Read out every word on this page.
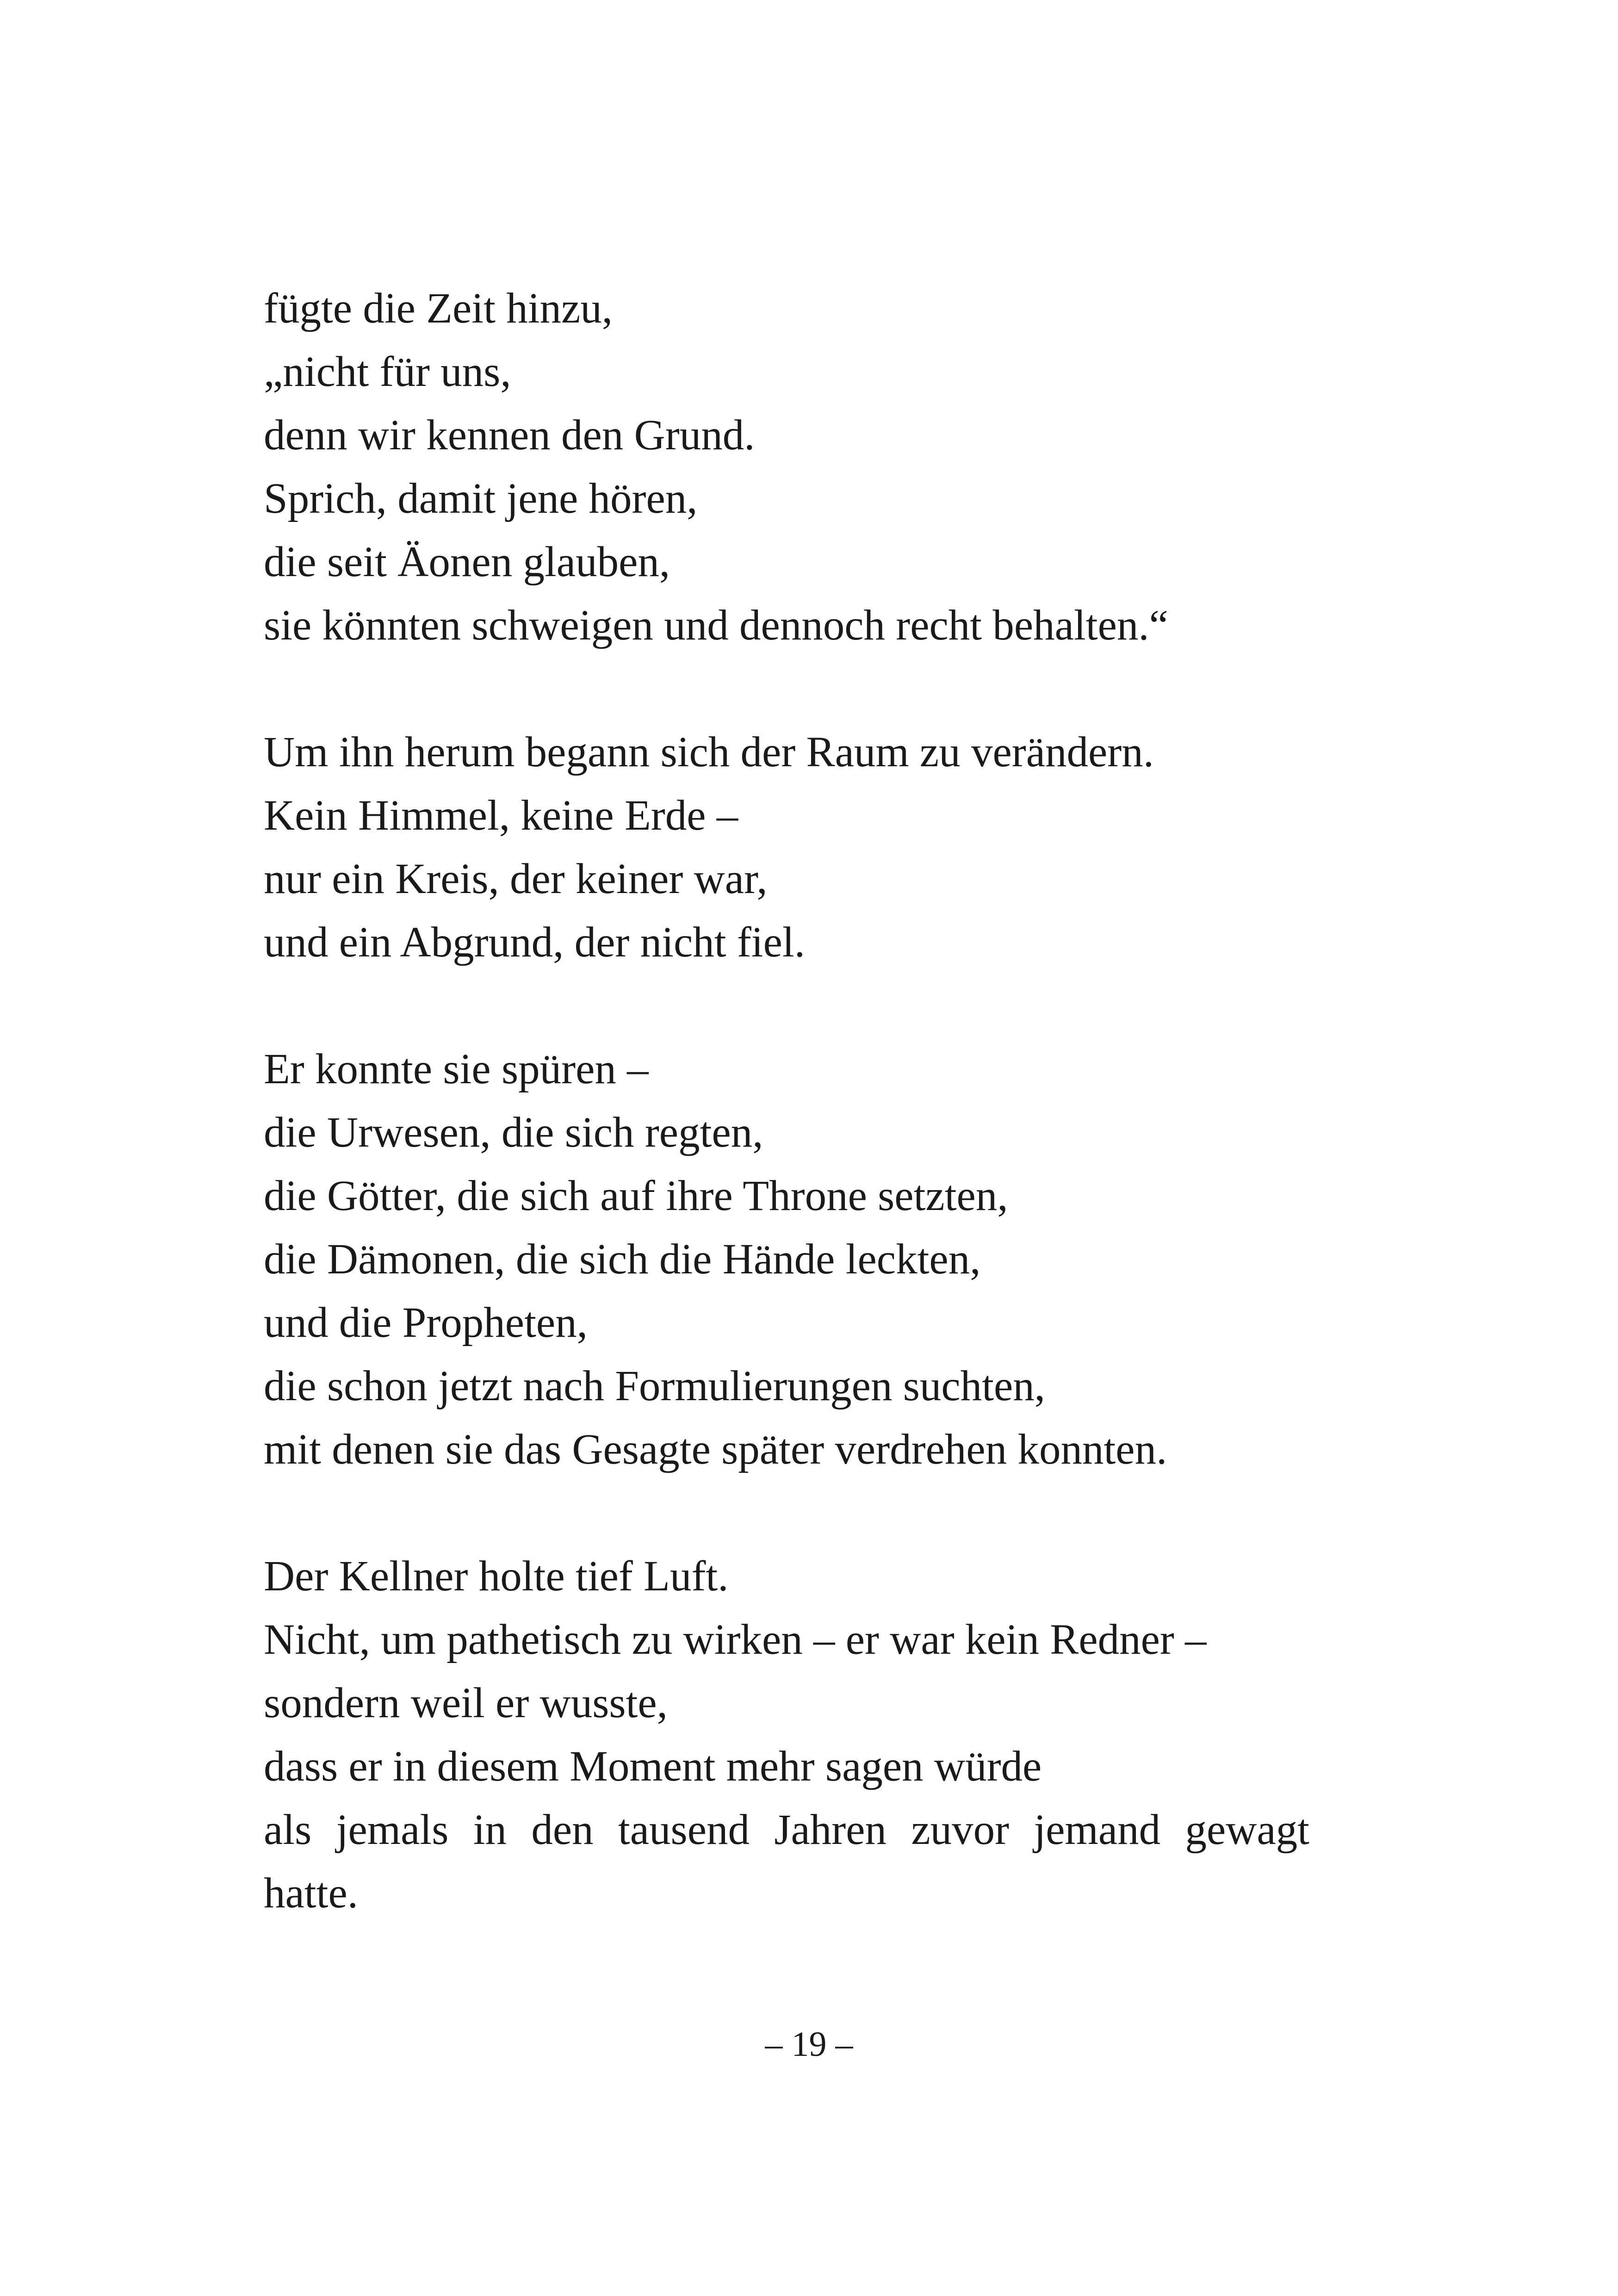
fügte die Zeit hinzu,
„nicht für uns,
denn wir kennen den Grund.
Sprich, damit jene hören,
die seit Äonen glauben,
sie könnten schweigen und dennoch recht behalten.“
Um ihn herum begann sich der Raum zu verändern.
Kein Himmel, keine Erde –
nur ein Kreis, der keiner war,
und ein Abgrund, der nicht fiel.
Er konnte sie spüren –
die Urwesen, die sich regten,
die Götter, die sich auf ihre Throne setzten,
die Dämonen, die sich die Hände leckten,
und die Propheten,
die schon jetzt nach Formulierungen suchten,
mit denen sie das Gesagte später verdrehen konnten.
Der Kellner holte tief Luft.
Nicht, um pathetisch zu wirken – er war kein Redner –
sondern weil er wusste,
dass er in diesem Moment mehr sagen würde
als jemals in den tausend Jahren zuvor jemand gewagt
hatte.
– 19 –
